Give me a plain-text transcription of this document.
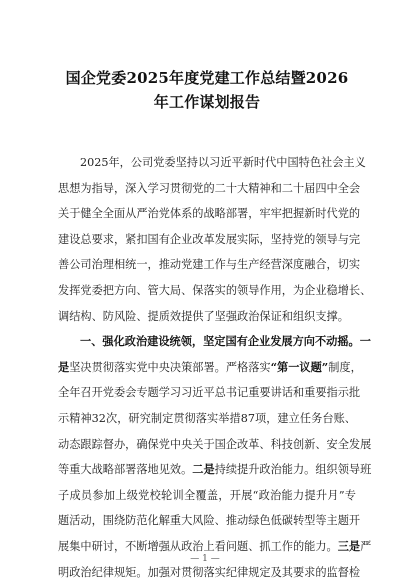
国企党委2025年度党建工作总结暨2026
年工作谋划报告
2025年，公司党委坚持以习近平新时代中国特色社会主义
思想为指导，深入学习贯彻党的二十大精神和二十届四中全会
关于健全全面从严治党体系的战略部署，牢牢把握新时代党的
建设总要求，紧扣国有企业改革发展实际，坚持党的领导与完
善公司治理相统一，推动党建工作与生产经营深度融合，切实
发挥党委把方向、管大局、保落实的领导作用，为企业稳增长、
调结构、防风险、提质效提供了坚强政治保证和组织支撑。
一、强化政治建设统领，坚定国有企业发展方向不动摇。一
是坚决贯彻落实党中央决策部署。严格落实“第一议题”制度，
全年召开党委会专题学习习近平总书记重要讲话和重要指示批
示精神32次，研究制定贯彻落实举措87项，建立任务台账、
动态跟踪督办，确保党中央关于国企改革、科技创新、安全发展
等重大战略部署落地见效。二是持续提升政治能力。组织领导班
子成员参加上级党校轮训全覆盖，开展“政治能力提升月”专
题活动，围绕防范化解重大风险、推动绿色低碳转型等主题开
展集中研讨，不断增强从政治上看问题、抓工作的能力。三是严
明政治纪律规矩。加强对贯彻落实纪律规定及其要求的监督检
— 1 —
